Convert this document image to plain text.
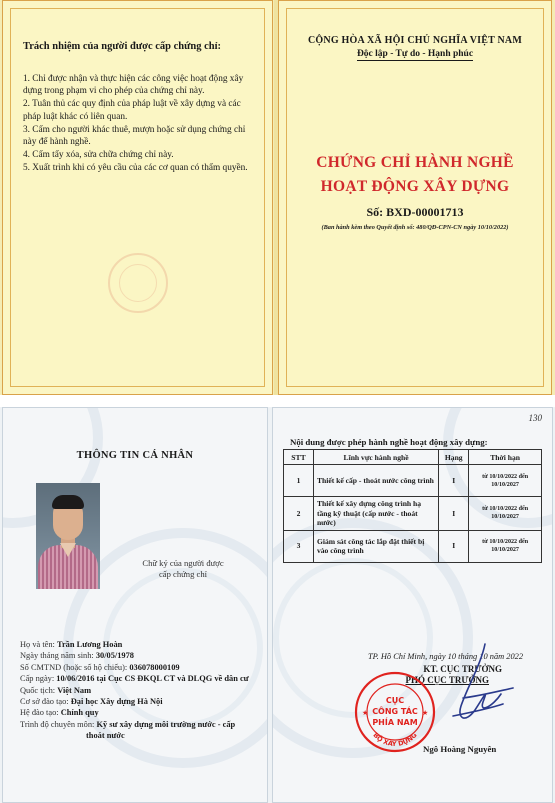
Trách nhiệm của người được cấp chứng chỉ:
1. Chỉ được nhận và thực hiện các công việc hoạt động xây dựng trong phạm vi cho phép của chứng chỉ này.
2. Tuân thủ các quy định của pháp luật về xây dựng và các pháp luật khác có liên quan.
3. Cấm cho người khác thuê, mượn hoặc sử dụng chứng chỉ này để hành nghề.
4. Cấm tẩy xóa, sửa chữa chứng chỉ này.
5. Xuất trình khi có yêu cầu của các cơ quan có thẩm quyền.
CỘNG HÒA XÃ HỘI CHỦ NGHĨA VIỆT NAM
Độc lập - Tự do - Hạnh phúc
CHỨNG CHỈ HÀNH NGHỀ
HOẠT ĐỘNG XÂY DỰNG
Số: BXD-00001713
(Ban hành kèm theo Quyết định số: 480/QĐ-CPN-CN ngày 10/10/2022)
THÔNG TIN CÁ NHÂN
Chữ ký của người được cấp chứng chỉ
Họ và tên: Trần Lương Hoàn
Ngày tháng năm sinh: 30/05/1978
Số CMTND (hoặc số hộ chiếu): 036078000109
Cấp ngày: 10/06/2016 tại Cục CS ĐKQL CT và DLQG về dân cư
Quốc tịch: Việt Nam
Cơ sở đào tạo: Đại học Xây dựng Hà Nội
Hệ đào tạo: Chính quy
Trình độ chuyên môn: Kỹ sư xây dựng môi trường nước - cấp
thoát nước
130
Nội dung được phép hành nghề hoạt động xây dựng:
STT	Lĩnh vực hành nghề	Hạng	Thời hạn
1	Thiết kế cấp - thoát nước công trình	I	từ 10/10/2022 đến 10/10/2027
2	Thiết kế xây dựng công trình hạ tầng kỹ thuật (cấp nước - thoát nước)	I	từ 10/10/2022 đến 10/10/2027
3	Giám sát công tác lắp đặt thiết bị vào công trình	I	từ 10/10/2022 đến 10/10/2027
TP. Hồ Chí Minh, ngày 10 tháng 10 năm 2022
KT. CỤC TRƯỞNG
PHÓ CỤC TRƯỞNG
BỘ XÂY DỰNG
CỤC
CÔNG TÁC
PHÍA NAM
★	★
Ngô Hoàng Nguyên
